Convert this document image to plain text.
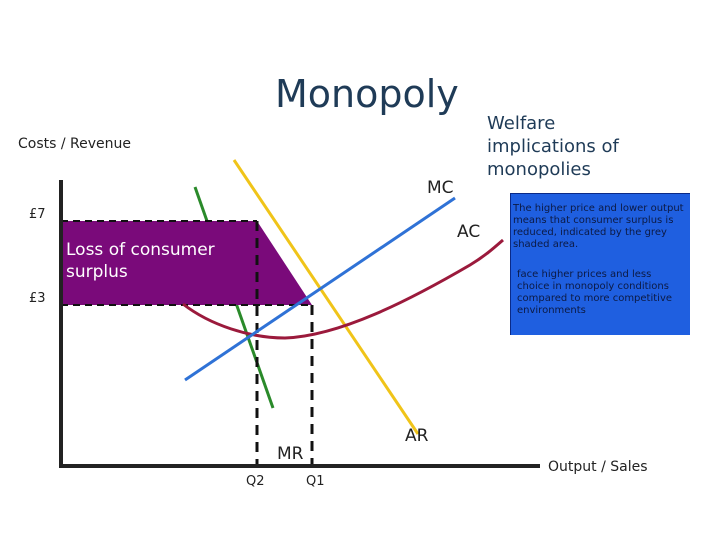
Monopoly
Welfare implications of monopolies
Costs / Revenue
Output / Sales
£7
£3
Q2	Q1
MC
AC
MR
AR
Loss of consumer surplus
The higher price and lower output means that consumer surplus is reduced, indicated by the grey shaded area.
face higher prices and less choice in monopoly conditions compared to more competitive environments
